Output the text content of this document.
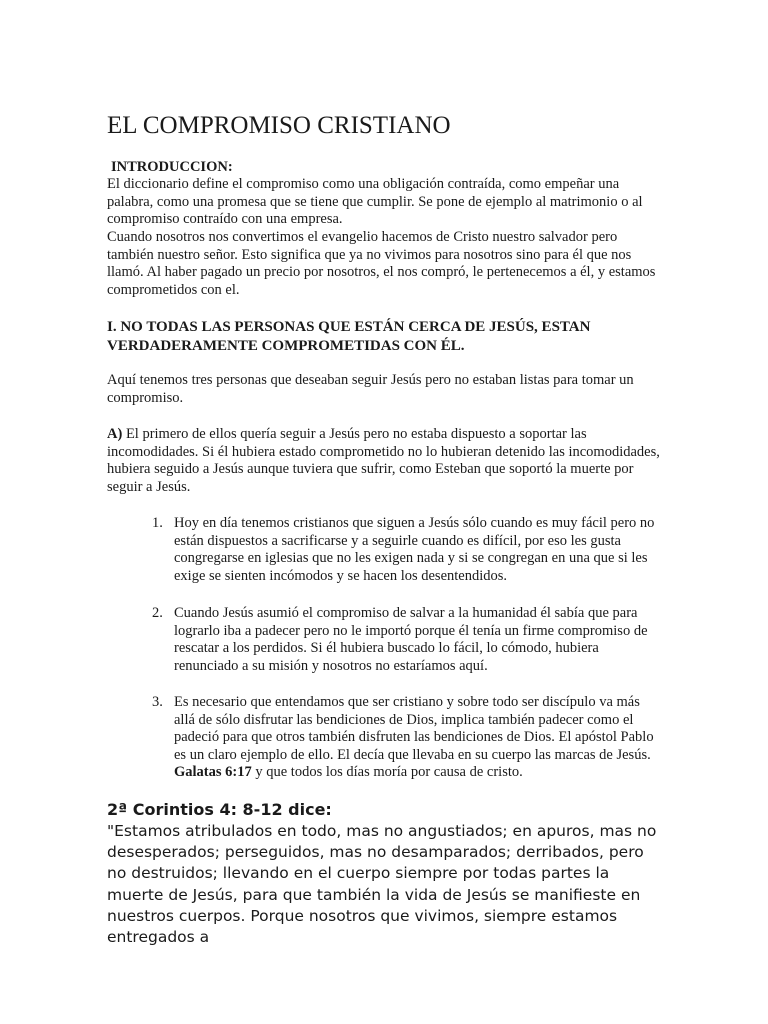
EL COMPROMISO CRISTIANO
INTRODUCCION:

El diccionario define el compromiso como una obligación contraída, como empeñar una palabra, como una promesa que se tiene que cumplir. Se pone de ejemplo al matrimonio o al compromiso contraído con una empresa.

Cuando nosotros nos convertimos el evangelio hacemos de Cristo nuestro salvador pero también nuestro señor. Esto significa que ya no vivimos para nosotros sino para él que nos llamó. Al haber pagado un precio por nosotros, el nos compró, le pertenecemos a él, y estamos comprometidos con el.

I. NO TODAS LAS PERSONAS QUE ESTÁN CERCA DE JESÚS, ESTAN VERDADERAMENTE COMPROMETIDAS CON ÉL.

Aquí tenemos tres personas que deseaban seguir Jesús pero no estaban listas para tomar un compromiso.

A) El primero de ellos quería seguir a Jesús pero no estaba dispuesto a soportar las incomodidades. Si él hubiera estado comprometido no lo hubieran detenido las incomodidades, hubiera seguido a Jesús aunque tuviera que sufrir, como Esteban que soportó la muerte por seguir a Jesús.

1. Hoy en día tenemos cristianos que siguen a Jesús sólo cuando es muy fácil pero no están dispuestos a sacrificarse y a seguirle cuando es difícil, por eso les gusta congregarse en iglesias que no les exigen nada y si se congregan en una que si les exige se sienten incómodos y se hacen los desentendidos.
2. Cuando Jesús asumió el compromiso de salvar a la humanidad él sabía que para lograrlo iba a padecer pero no le importó porque él tenía un firme compromiso de rescatar a los perdidos. Si él hubiera buscado lo fácil, lo cómodo, hubiera renunciado a su misión y nosotros no estaríamos aquí.
3. Es necesario que entendamos que ser cristiano y sobre todo ser discípulo va más allá de sólo disfrutar las bendiciones de Dios, implica también padecer como el padeció para que otros también disfruten las bendiciones de Dios. El apóstol Pablo es un claro ejemplo de ello. El decía que llevaba en su cuerpo las marcas de Jesús. Galatas 6:17 y que todos los días moría por causa de cristo.
2ª Corintios 4: 8-12 dice:

"Estamos atribulados en todo, mas no angustiados; en apuros, mas no desesperados; perseguidos, mas no desamparados; derribados, pero no destruidos; llevando en el cuerpo siempre por todas partes la muerte de Jesús, para que también la vida de Jesús se manifieste en nuestros cuerpos. Porque nosotros que vivimos, siempre estamos entregados a
